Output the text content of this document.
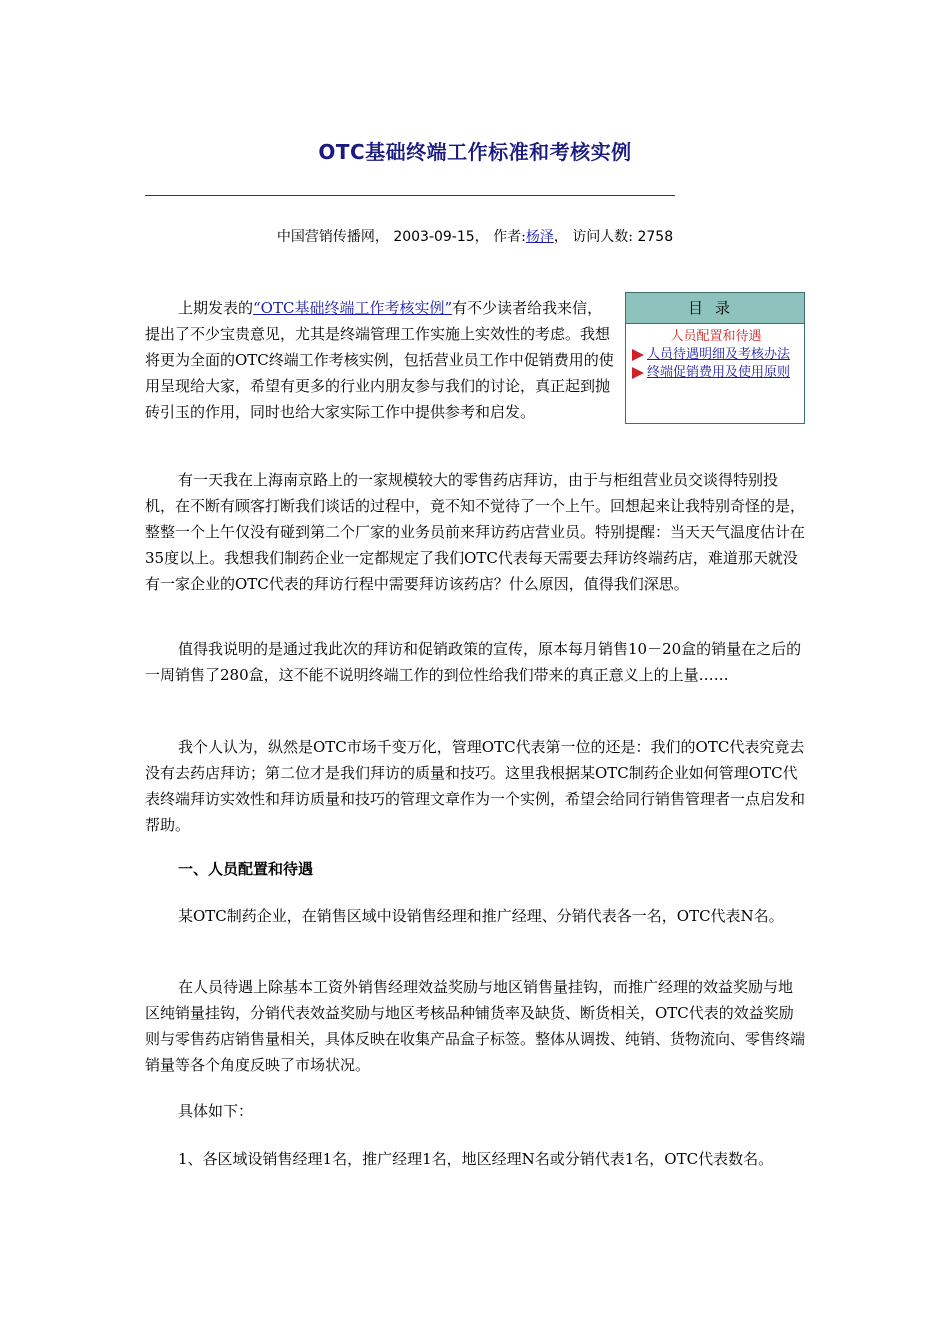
OTC基础终端工作标准和考核实例
中国营销传播网， 2003-09-15， 作者:杨泽， 访问人数: 2758

上期发表的“OTC基础终端工作考核实例”有不少读者给我来信，提出了不少宝贵意见，尤其是终端管理工作实施上实效性的考虑。我想将更为全面的OTC终端工作考核实例，包括营业员工作中促销费用的使用呈现给大家，希望有更多的行业内朋友参与我们的讨论，真正起到抛砖引玉的作用，同时也给大家实际工作中提供参考和启发。

目录
人员配置和待遇
人员待遇明细及考核办法
终端促销费用及使用原则

有一天我在上海南京路上的一家规模较大的零售药店拜访，由于与柜组营业员交谈得特别投机，在不断有顾客打断我们谈话的过程中，竟不知不觉待了一个上午。回想起来让我特别奇怪的是，整整一个上午仅没有碰到第二个厂家的业务员前来拜访药店营业员。特别提醒：当天天气温度估计在35度以上。我想我们制药企业一定都规定了我们OTC代表每天需要去拜访终端药店，难道那天就没有一家企业的OTC代表的拜访行程中需要拜访该药店？什么原因，值得我们深思。

值得我说明的是通过我此次的拜访和促销政策的宣传，原本每月销售10－20盒的销量在之后的一周销售了280盒，这不能不说明终端工作的到位性给我们带来的真正意义上的上量……

我个人认为，纵然是OTC市场千变万化，管理OTC代表第一位的还是：我们的OTC代表究竟去没有去药店拜访；第二位才是我们拜访的质量和技巧。这里我根据某OTC制药企业如何管理OTC代表终端拜访实效性和拜访质量和技巧的管理文章作为一个实例，希望会给同行销售管理者一点启发和帮助。

一、人员配置和待遇

某OTC制药企业，在销售区域中设销售经理和推广经理、分销代表各一名，OTC代表N名。

在人员待遇上除基本工资外销售经理效益奖励与地区销售量挂钩，而推广经理的效益奖励与地区纯销量挂钩，分销代表效益奖励与地区考核品种铺货率及缺货、断货相关，OTC代表的效益奖励则与零售药店销售量相关，具体反映在收集产品盒子标签。整体从调拨、纯销、货物流向、零售终端销量等各个角度反映了市场状况。

具体如下：

1、各区域设销售经理1名，推广经理1名，地区经理N名或分销代表1名，OTC代表数名。
